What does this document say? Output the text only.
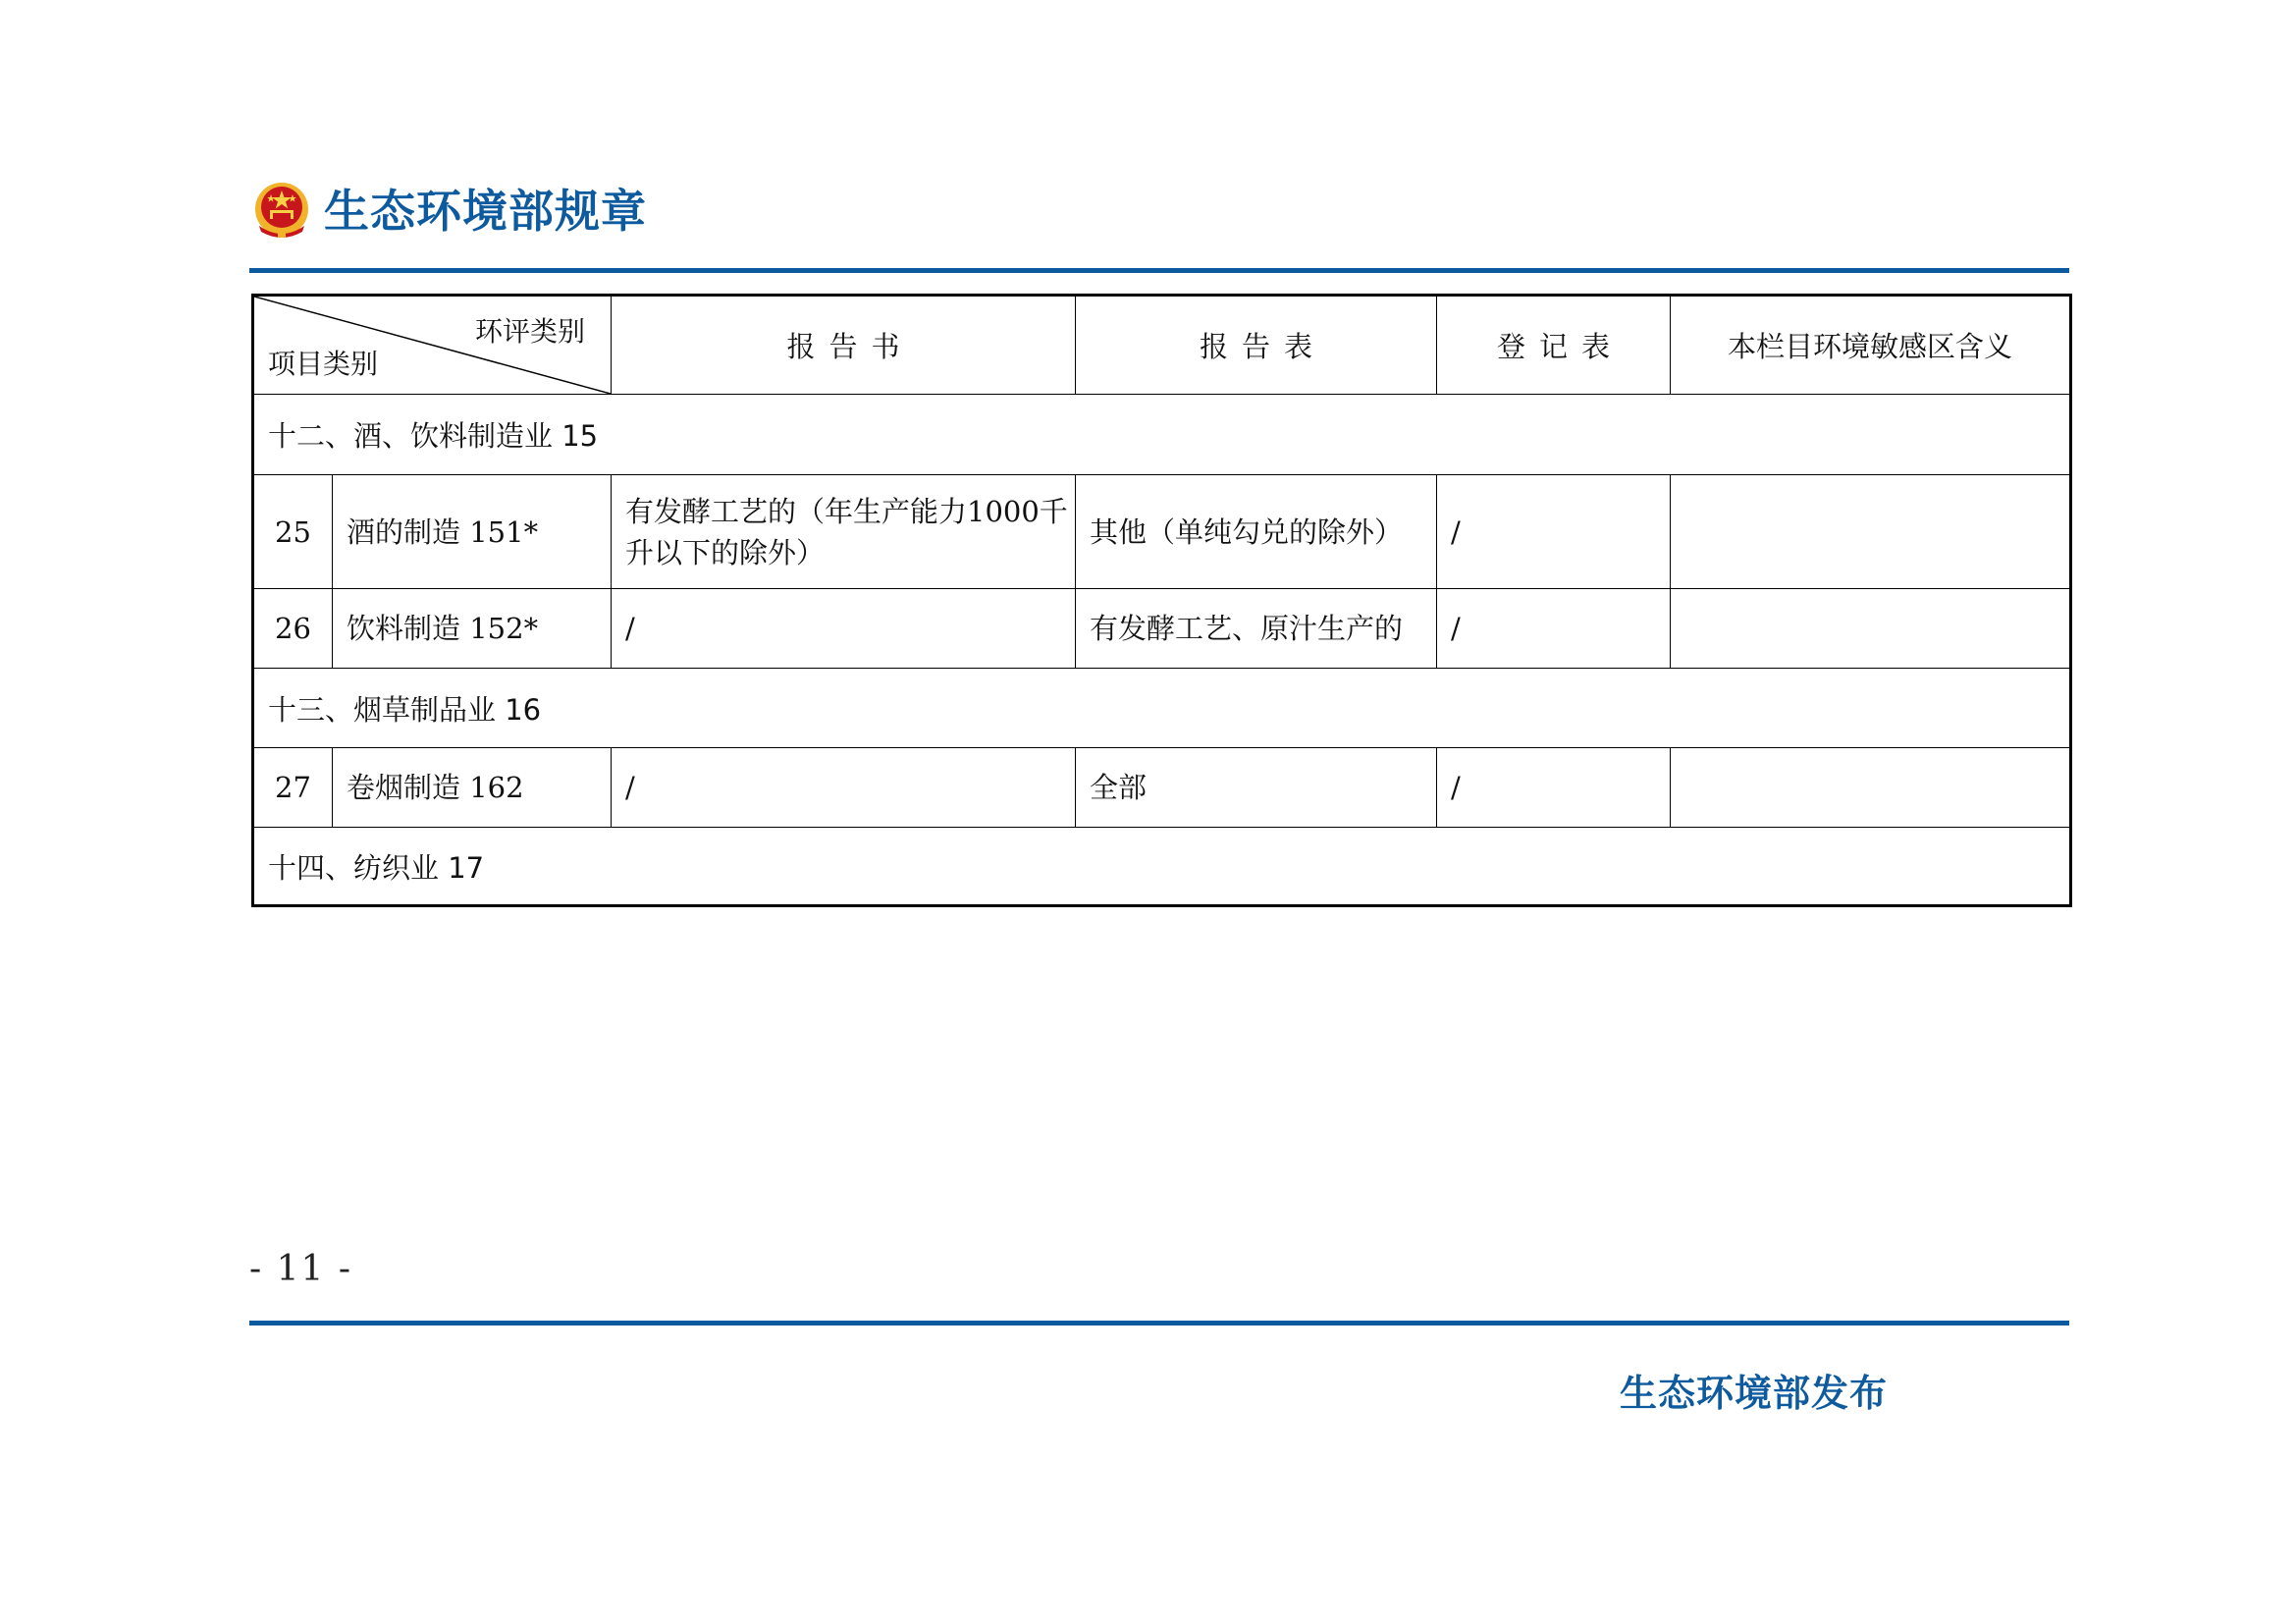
生态环境部规章
环评类别
项目类别		报告书	报告表	登记表	本栏目环境敏感区含义
十二、酒、饮料制造业 15					
25	酒的制造 151*	有发酵工艺的（年生产能力1000千升以下的除外）	其他（单纯勾兑的除外）	/	
26	饮料制造 152*	/	有发酵工艺、原汁生产的	/	
十三、烟草制品业 16					
27	卷烟制造 162	/	全部	/	
十四、纺织业 17					
- 11 -
生态环境部发布
